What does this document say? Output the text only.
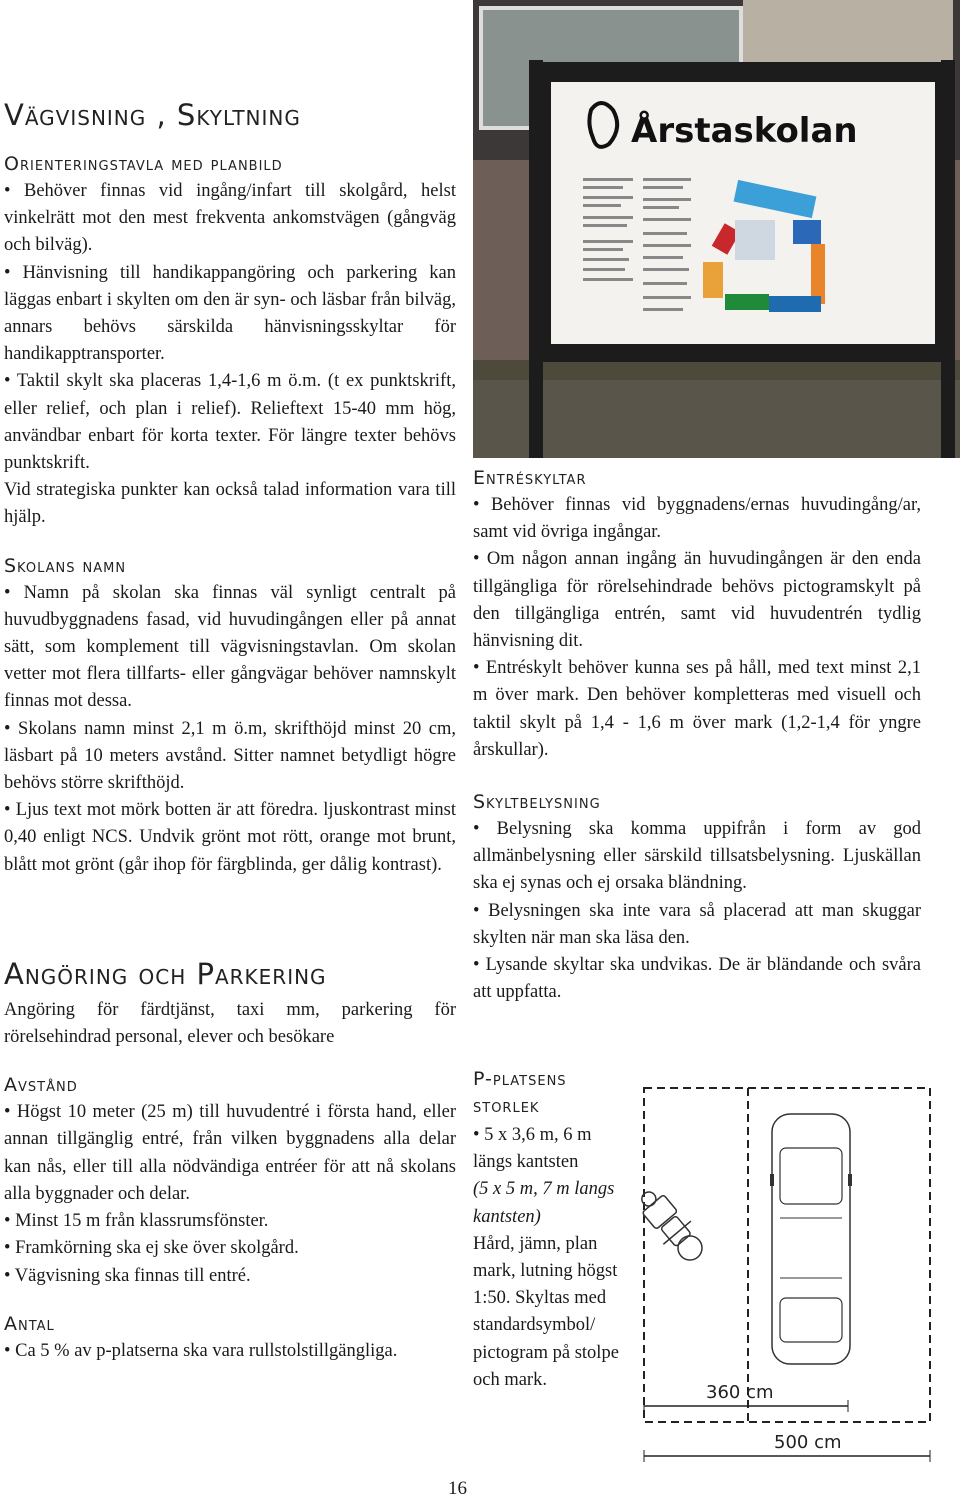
Vägvisning , Skyltning
Orienteringstavla med planbild

• Behöver finnas vid ingång/infart till skolgård, helst vinkelrätt mot den mest frekventa ankomstvägen (gångväg och bilväg).

• Hänvisning till handikappangöring och parkering kan läggas enbart i skylten om den är syn- och läsbar från bilväg, annars behövs särskilda hänvisningsskyltar för handikapptransporter.

• Taktil skylt ska placeras 1,4-1,6 m ö.m. (t ex punktskrift, eller relief, och plan i relief). Relieftext 15-40 mm hög, användbar enbart för korta texter. För längre texter behövs punktskrift.

Vid strategiska punkter kan också talad information vara till hjälp.

Skolans namn

• Namn på skolan ska finnas väl synligt centralt på huvudbyggnadens fasad, vid huvudingången eller på annat sätt, som komplement till vägvisningstavlan. Om skolan vetter mot flera tillfarts- eller gångvägar behöver namnskylt finnas mot dessa.

• Skolans namn minst 2,1 m ö.m, skrifthöjd minst 20 cm, läsbart på 10 meters avstånd. Sitter namnet betydligt högre behövs större skrifthöjd.

• Ljus text mot mörk botten är att föredra. ljuskontrast minst 0,40 enligt NCS. Undvik grönt mot rött, orange mot brunt, blått mot grönt (går ihop för färgblinda, ger dålig kontrast).

Angöring och Parkering

Angöring för färdtjänst, taxi mm, parkering för rörelsehindrad personal, elever och besökare

Avstånd

• Högst 10 meter (25 m) till huvudentré i första hand, eller annan tillgänglig entré, från vilken byggnadens alla delar kan nås, eller till alla nödvändiga entréer för att nå skolans alla byggnader och delar.

• Minst 15 m från klassrumsfönster.

• Framkörning ska ej ske över skolgård.

• Vägvisning ska finnas till entré.

Antal

• Ca 5 % av p-platserna ska vara rullstolstillgängliga.

Årstaskolan
Entréskyltar

• Behöver finnas vid byggnadens/ernas huvudingång/ar, samt vid övriga ingångar.

• Om någon annan ingång än huvudingången är den enda tillgängliga för rörelsehindrade behövs pictogramskylt på den tillgängliga entrén, samt vid huvudentrén tydlig hänvisning dit.

• Entréskylt behöver kunna ses på håll, med text minst 2,1 m över mark. Den behöver kompletteras med visuell och taktil skylt på 1,4 - 1,6 m över mark (1,2-1,4 för yngre årskullar).

Skyltbelysning

• Belysning ska komma uppifrån i form av god allmänbelysning eller särskild tillsatsbelysning. Ljuskällan ska ej synas och ej orsaka bländning.

• Belysningen ska inte vara så placerad att man skuggar skylten när man ska läsa den.

• Lysande skyltar ska undvikas. De är bländande och svåra att uppfatta.

P-platsens storlek

• 5 x 3,6 m, 6 m längs kantsten

(5 x 5 m, 7 m langs kantsten)

Hård, jämn, plan mark, lutning högst 1:50. Skyltas med standardsymbol/ pictogram på stolpe och mark.

360 cm
500 cm
16
